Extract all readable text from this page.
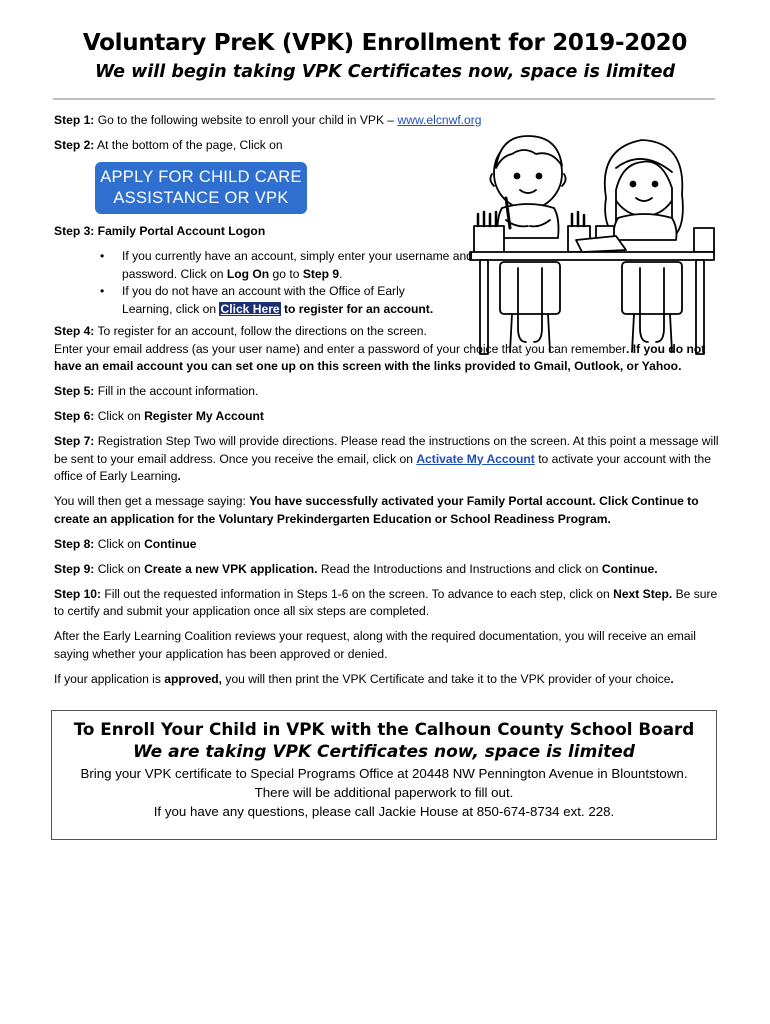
Voluntary PreK (VPK) Enrollment for 2019-2020
We will begin taking VPK Certificates now, space is limited

Step 1: Go to the following website to enroll your child in VPK – www.elcnwf.org

Step 2: At the bottom of the page, Click on

APPLY FOR CHILD CARE
ASSISTANCE OR VPK

Step 3: Family Portal Account Logon

• If you currently have an account, simply enter your username and password. Click on Log On go to Step 9.
• If you do not have an account with the Office of Early Learning, click on Click Here to register for an account.

Step 4: To register for an account, follow the directions on the screen.
Enter your email address (as your user name) and enter a password of your choice that you can remember. If you do not have an email account you can set one up on this screen with the links provided to Gmail, Outlook, or Yahoo.

Step 5: Fill in the account information.

Step 6: Click on Register My Account

Step 7: Registration Step Two will provide directions. Please read the instructions on the screen. At this point a message will be sent to your email address. Once you receive the email, click on Activate My Account to activate your account with the office of Early Learning.

You will then get a message saying: You have successfully activated your Family Portal account. Click Continue to create an application for the Voluntary Prekindergarten Education or School Readiness Program.

Step 8: Click on Continue

Step 9: Click on Create a new VPK application. Read the Introductions and Instructions and click on Continue.

Step 10: Fill out the requested information in Steps 1-6 on the screen. To advance to each step, click on Next Step. Be sure to certify and submit your application once all six steps are completed.

After the Early Learning Coalition reviews your request, along with the required documentation, you will receive an email saying whether your application has been approved or denied.

If your application is approved, you will then print the VPK Certificate and take it to the VPK provider of your choice.

To Enroll Your Child in VPK with the Calhoun County School Board
We are taking VPK Certificates now, space is limited
Bring your VPK certificate to Special Programs Office at 20448 NW Pennington Avenue in Blountstown.
There will be additional paperwork to fill out.
If you have any questions, please call Jackie House at 850-674-8734 ext. 228.
